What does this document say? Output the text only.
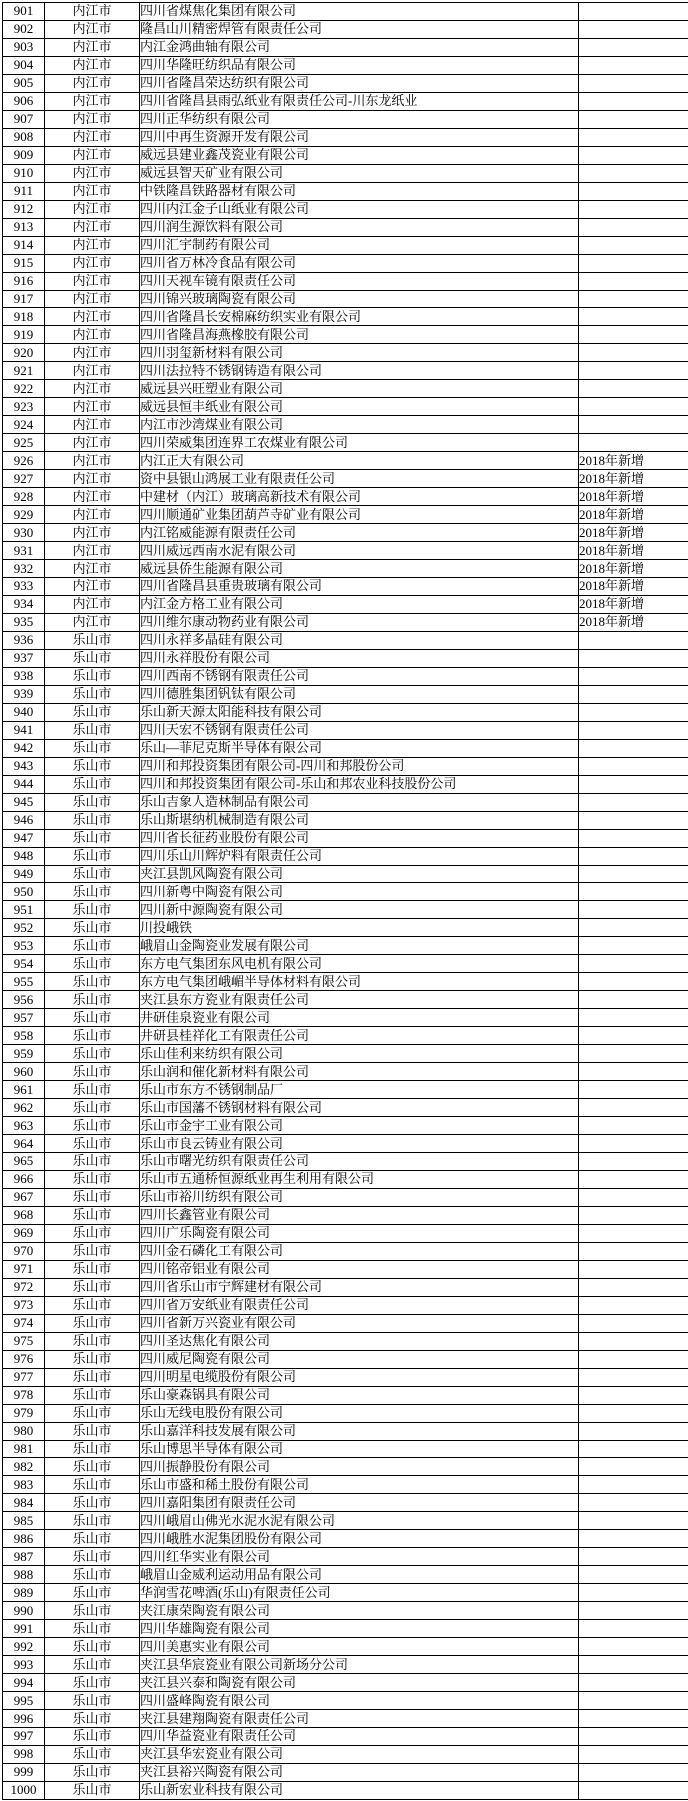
901	内江市	四川省煤焦化集团有限公司	
902	内江市	隆昌山川精密焊管有限责任公司	
903	内江市	内江金鸿曲轴有限公司	
904	内江市	四川华隆旺纺织品有限公司	
905	内江市	四川省隆昌荣达纺织有限公司	
906	内江市	四川省隆昌县雨弘纸业有限责任公司-川东龙纸业	
907	内江市	四川正华纺织有限公司	
908	内江市	四川中再生资源开发有限公司	
909	内江市	威远县建业鑫茂瓷业有限公司	
910	内江市	威远县智天矿业有限公司	
911	内江市	中铁隆昌铁路器材有限公司	
912	内江市	四川内江金子山纸业有限公司	
913	内江市	四川润生源饮料有限公司	
914	内江市	四川汇宇制药有限公司	
915	内江市	四川省万林冷食品有限公司	
916	内江市	四川天视车镜有限责任公司	
917	内江市	四川锦兴玻璃陶瓷有限公司	
918	内江市	四川省隆昌长安棉麻纺织实业有限公司	
919	内江市	四川省隆昌海燕橡胶有限公司	
920	内江市	四川羽玺新材料有限公司	
921	内江市	四川法拉特不锈钢铸造有限公司	
922	内江市	威远县兴旺塑业有限公司	
923	内江市	威远县恒丰纸业有限公司	
924	内江市	内江市沙湾煤业有限公司	
925	内江市	四川荣威集团连界工农煤业有限公司	
926	内江市	内江正大有限公司	2018年新增
927	内江市	资中县银山鸿展工业有限责任公司	2018年新增
928	内江市	中建材（内江）玻璃高新技术有限公司	2018年新增
929	内江市	四川顺通矿业集团葫芦寺矿业有限公司	2018年新增
930	内江市	内江铭威能源有限责任公司	2018年新增
931	内江市	四川威远西南水泥有限公司	2018年新增
932	内江市	威远县侨生能源有限公司	2018年新增
933	内江市	四川省隆昌县重贵玻璃有限公司	2018年新增
934	内江市	内江金方格工业有限公司	2018年新增
935	内江市	四川维尔康动物药业有限公司	2018年新增
936	乐山市	四川永祥多晶硅有限公司	
937	乐山市	四川永祥股份有限公司	
938	乐山市	四川西南不锈钢有限责任公司	
939	乐山市	四川德胜集团钒钛有限公司	
940	乐山市	乐山新天源太阳能科技有限公司	
941	乐山市	四川天宏不锈钢有限责任公司	
942	乐山市	乐山—菲尼克斯半导体有限公司	
943	乐山市	四川和邦投资集团有限公司-四川和邦股份公司	
944	乐山市	四川和邦投资集团有限公司-乐山和邦农业科技股份公司	
945	乐山市	乐山吉象人造林制品有限公司	
946	乐山市	乐山斯堪纳机械制造有限公司	
947	乐山市	四川省长征药业股份有限公司	
948	乐山市	四川乐山川辉炉料有限责任公司	
949	乐山市	夹江县凯风陶瓷有限公司	
950	乐山市	四川新粤中陶瓷有限公司	
951	乐山市	四川新中源陶瓷有限公司	
952	乐山市	川投峨铁	
953	乐山市	峨眉山金陶瓷业发展有限公司	
954	乐山市	东方电气集团东风电机有限公司	
955	乐山市	东方电气集团峨嵋半导体材料有限公司	
956	乐山市	夹江县东方瓷业有限责任公司	
957	乐山市	井研佳泉瓷业有限公司	
958	乐山市	井研县桂祥化工有限责任公司	
959	乐山市	乐山佳利来纺织有限公司	
960	乐山市	乐山润和催化新材料有限公司	
961	乐山市	乐山市东方不锈钢制品厂	
962	乐山市	乐山市国藩不锈钢材料有限公司	
963	乐山市	乐山市金宇工业有限公司	
964	乐山市	乐山市良云铸业有限公司	
965	乐山市	乐山市曙光纺织有限责任公司	
966	乐山市	乐山市五通桥恒源纸业再生利用有限公司	
967	乐山市	乐山市裕川纺织有限公司	
968	乐山市	四川长鑫管业有限公司	
969	乐山市	四川广乐陶瓷有限公司	
970	乐山市	四川金石磷化工有限公司	
971	乐山市	四川铭帝铝业有限公司	
972	乐山市	四川省乐山市宁辉建材有限公司	
973	乐山市	四川省万安纸业有限责任公司	
974	乐山市	四川省新万兴瓷业有限公司	
975	乐山市	四川圣达焦化有限公司	
976	乐山市	四川威尼陶瓷有限公司	
977	乐山市	四川明星电缆股份有限公司	
978	乐山市	乐山豪森锅具有限公司	
979	乐山市	乐山无线电股份有限公司	
980	乐山市	乐山嘉洋科技发展有限公司	
981	乐山市	乐山博思半导体有限公司	
982	乐山市	四川振静股份有限公司	
983	乐山市	乐山市盛和稀土股份有限公司	
984	乐山市	四川嘉阳集团有限责任公司	
985	乐山市	四川峨眉山佛光水泥水泥有限公司	
986	乐山市	四川峨胜水泥集团股份有限公司	
987	乐山市	四川红华实业有限公司	
988	乐山市	峨眉山金威利运动用品有限公司	
989	乐山市	华润雪花啤酒(乐山)有限责任公司	
990	乐山市	夹江康荣陶瓷有限公司	
991	乐山市	四川华雄陶瓷有限公司	
992	乐山市	四川美惠实业有限公司	
993	乐山市	夹江县华宸瓷业有限公司新场分公司	
994	乐山市	夹江县兴泰和陶瓷有限公司	
995	乐山市	四川盛峰陶瓷有限公司	
996	乐山市	夹江县建翔陶瓷有限责任公司	
997	乐山市	四川华益瓷业有限责任公司	
998	乐山市	夹江县华宏瓷业有限公司	
999	乐山市	夹江县裕兴陶瓷有限公司	
1000	乐山市	乐山新宏业科技有限公司	
